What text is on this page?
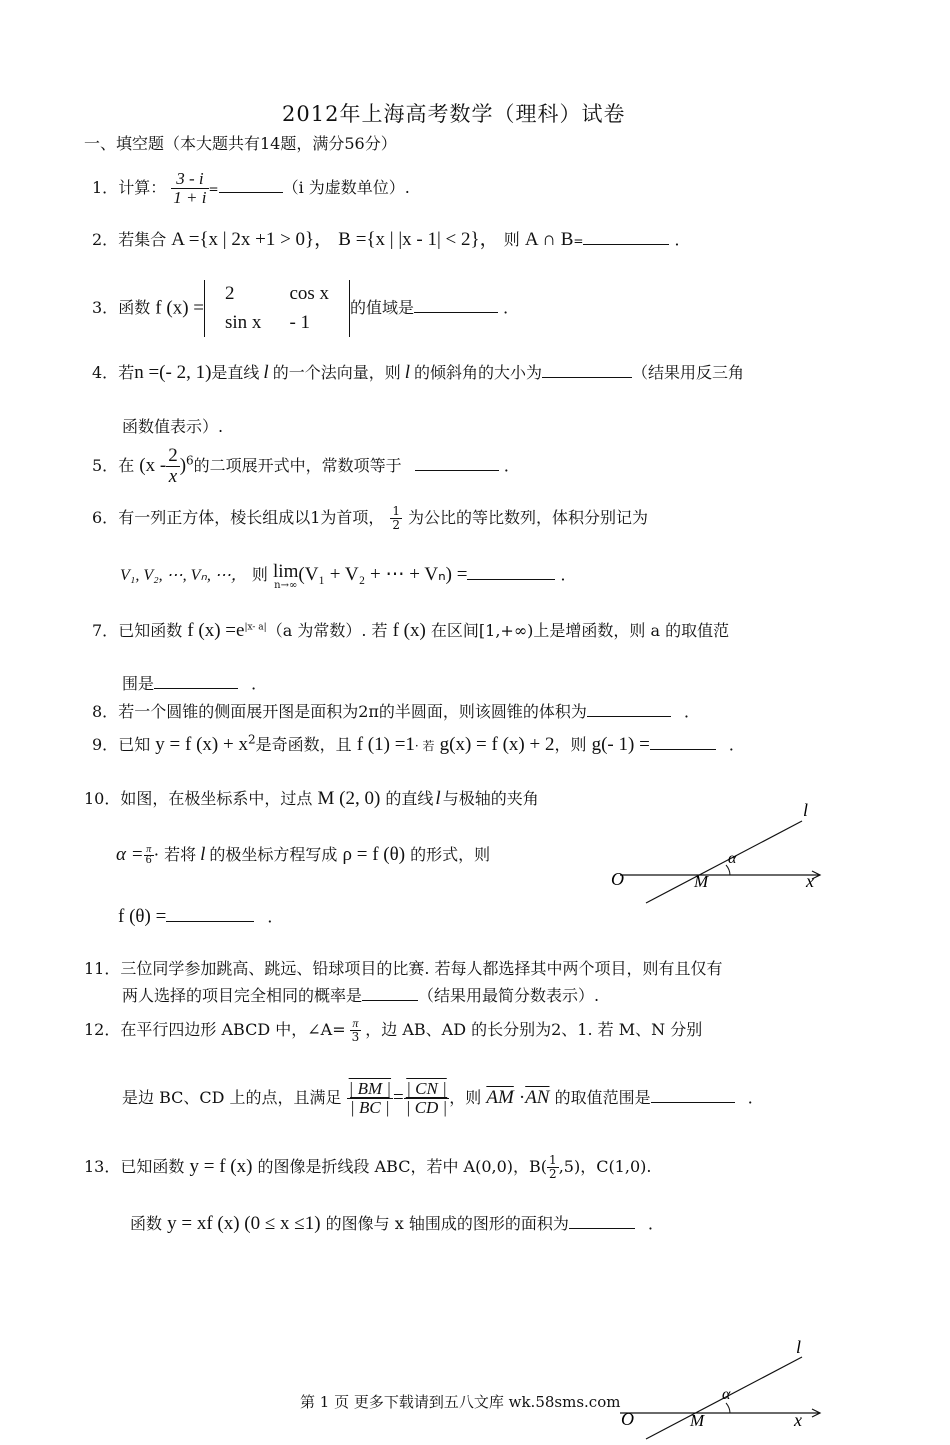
2012年上海高考数学（理科）试卷
一、填空题（本大题共有14题，满分56分）
1．计算： $\frac{3 - i}{1 + i}$ =	（i 为虚数单位）.
2．若集合 A ={x | 2x +1 > 0}， B ={x | |x - 1| < 2}， 则 A ∩ B=	．
3．函数 f (x) =
2	cos x
sin x	- 1
的值域是	．
4．若n =(- 2, 1)是直线 l 的一个法向量，则 l 的倾斜角的大小为	（结果用反三角
函数值表示）.
5．在 $(x - \frac{2}{x} )^6$的二项展开式中，常数项等于	．
6．有一列正方体，棱长组成以1为首项， $\frac{1}{2}$ 为公比的等比数列，体积分别记为
V₁, V₂, ⋯, Vₙ, ⋯， 则 lim
n→∞
(V₁ + V₂ + ⋯ + Vₙ) =	．
7．已知函数 f $(x) =e^{|x- a|}(a$ 为常数）. 若 f (x) 在区间[1,+∞)上是增函数，则 a 的取值范
围是	．
8．若一个圆锥的侧面展开图是面积为2π的半圆面，则该圆锥的体积为	．
9．已知 y = f $(x) + x^2$是奇函数，且 f (1) =1· 若 g(x) = f (x) + 2，则 g(- 1) =	．
10．如图，在极坐标系中，过点 M (2, 0) 的直线 l 与极轴的夹角
$\alpha = \frac{\pi}{6}$ · 若将 l 的极坐标方程写成 ρ = f (θ) 的形式，则
f (θ) =	．
l
α
O	M	x
11．三位同学参加跳高、跳远、铅球项目的比赛. 若每人都选择其中两个项目，则有且仅有
两人选择的项目完全相同的概率是	（结果用最简分数表示）.
12．在平行四边形 ABCD 中，∠A= $\frac{\pi}{3}$ ，边 AB、AD 的长分别为2、1. 若 M、N 分别
是边 BC、CD 上的点，且满足 $\frac{| BM |}{| BC |} = \frac{| CN |}{| CD |}$ ，则 $\overline{AM} \cdot\overline{AN}$ 的取值范围是	．
13．已知函数 y = f (x) 的图像是折线段 ABC，若中 A(0,0)，$B( \frac{1}{2} ,5)$，C(1,0).
函数 y = xf (x) (0 ≤ x ≤1) 的图像与 x 轴围成的图形的面积为	．
l
α
O	M	x
第 1 页 更多下载请到五八文库 wk.58sms.com
